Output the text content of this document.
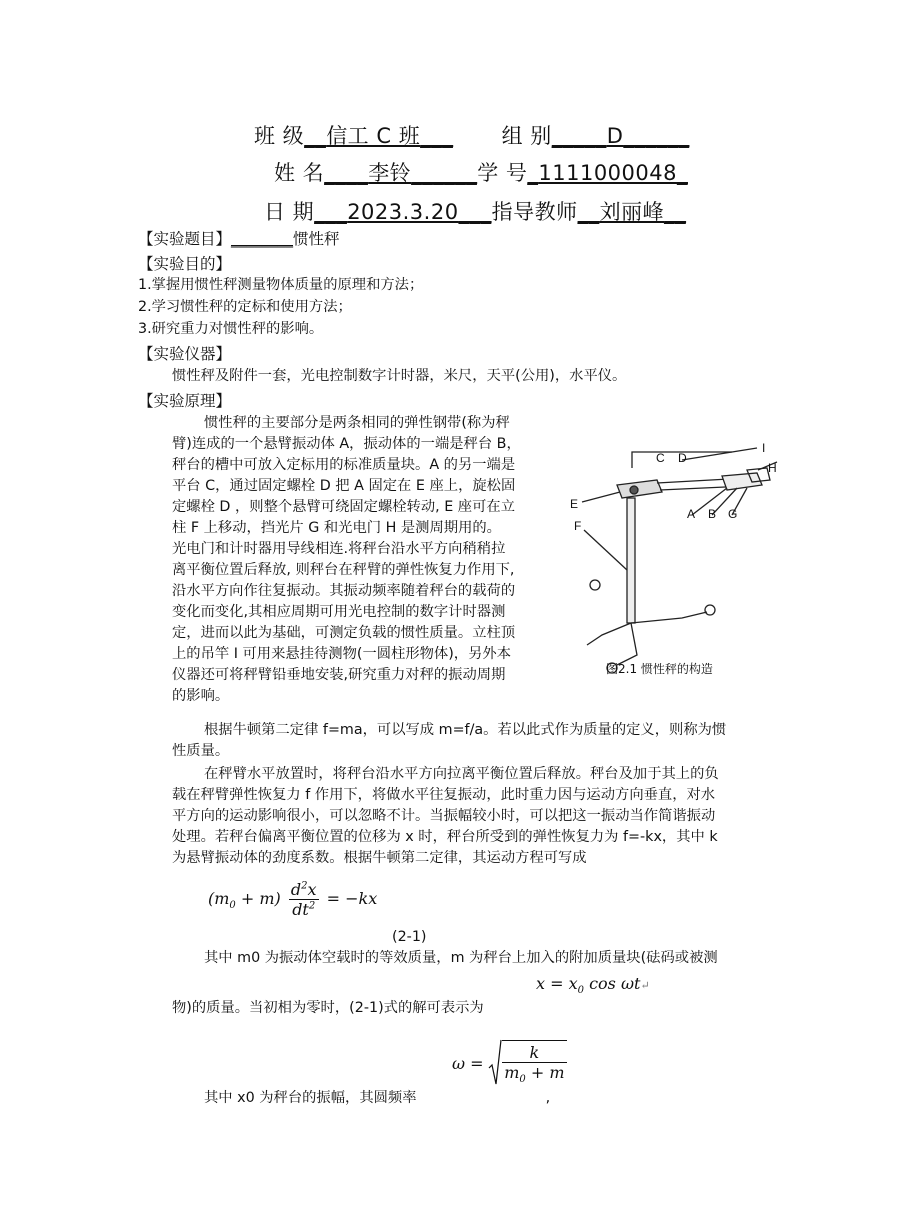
班 级__信工 C 班___ 组 别_____D______
姓 名____李铃______学 号_1111000048_
日 期___2023.3.20___指导教师__刘丽峰__
【实验题目】________惯性秤
【实验目的】
1.掌握用惯性秤测量物体质量的原理和方法；
2.学习惯性秤的定标和使用方法；
3.研究重力对惯性秤的影响。
【实验仪器】
惯性秤及附件一套，光电控制数字计时器，米尺，天平(公用)，水平仪。
【实验原理】
惯性秤的主要部分是两条相同的弹性钢带(称为秤
臂)连成的一个悬臂振动体 A，振动体的一端是秤台 B，
秤台的槽中可放入定标用的标准质量块。A 的另一端是
平台 C，通过固定螺栓 D 把 A 固定在 E 座上，旋松固
定螺栓 D ，则整个悬臂可绕固定螺栓转动, E 座可在立
柱 F 上移动，挡光片 G 和光电门 H 是测周期用的。
光电门和计时器用导线相连.将秤台沿水平方向稍稍拉
离平衡位置后释放, 则秤台在秤臂的弹性恢复力作用下,
沿水平方向作往复振动。其振动频率随着秤台的载荷的
变化而变化,其相应周期可用光电控制的数字计时器测
定，进而以此为基础，可测定负载的惯性质量。立柱顶
上的吊竿 I 可用来悬挂待测物(一圆柱形物体)，另外本
仪器还可将秤臂铅垂地安装,研究重力对秤的振动周期
的影响。
I
H
C D
E
F
A B G
图2.1 惯性秤的构造
根据牛顿第二定律 f=ma，可以写成 m=f/a。若以此式作为质量的定义，则称为惯
性质量。
在秤臂水平放置时，将秤台沿水平方向拉离平衡位置后释放。秤台及加于其上的负
载在秤臂弹性恢复力 f 作用下，将做水平往复振动，此时重力因与运动方向垂直，对水
平方向的运动影响很小，可以忽略不计。当振幅较小时，可以把这一振动当作简谐振动
处理。若秤台偏离平衡位置的位移为 x 时，秤台所受到的弹性恢复力为 f=-kx，其中 k
为悬臂振动体的劲度系数。根据牛顿第二定律，其运动方程可写成
$(m_0 + m) \frac{d^2x}{dt^2} = -kx$
(2-1)
其中 m0 为振动体空载时的等效质量，m 为秤台上加入的附加质量块(砝码或被测
$x = x_0$ cos ωt↵
物)的质量。当初相为零时，(2-1)式的解可表示为
$\omega = \frac{k}{m_0 + m}$
其中 x0 为秤台的振幅，其圆频率	,
